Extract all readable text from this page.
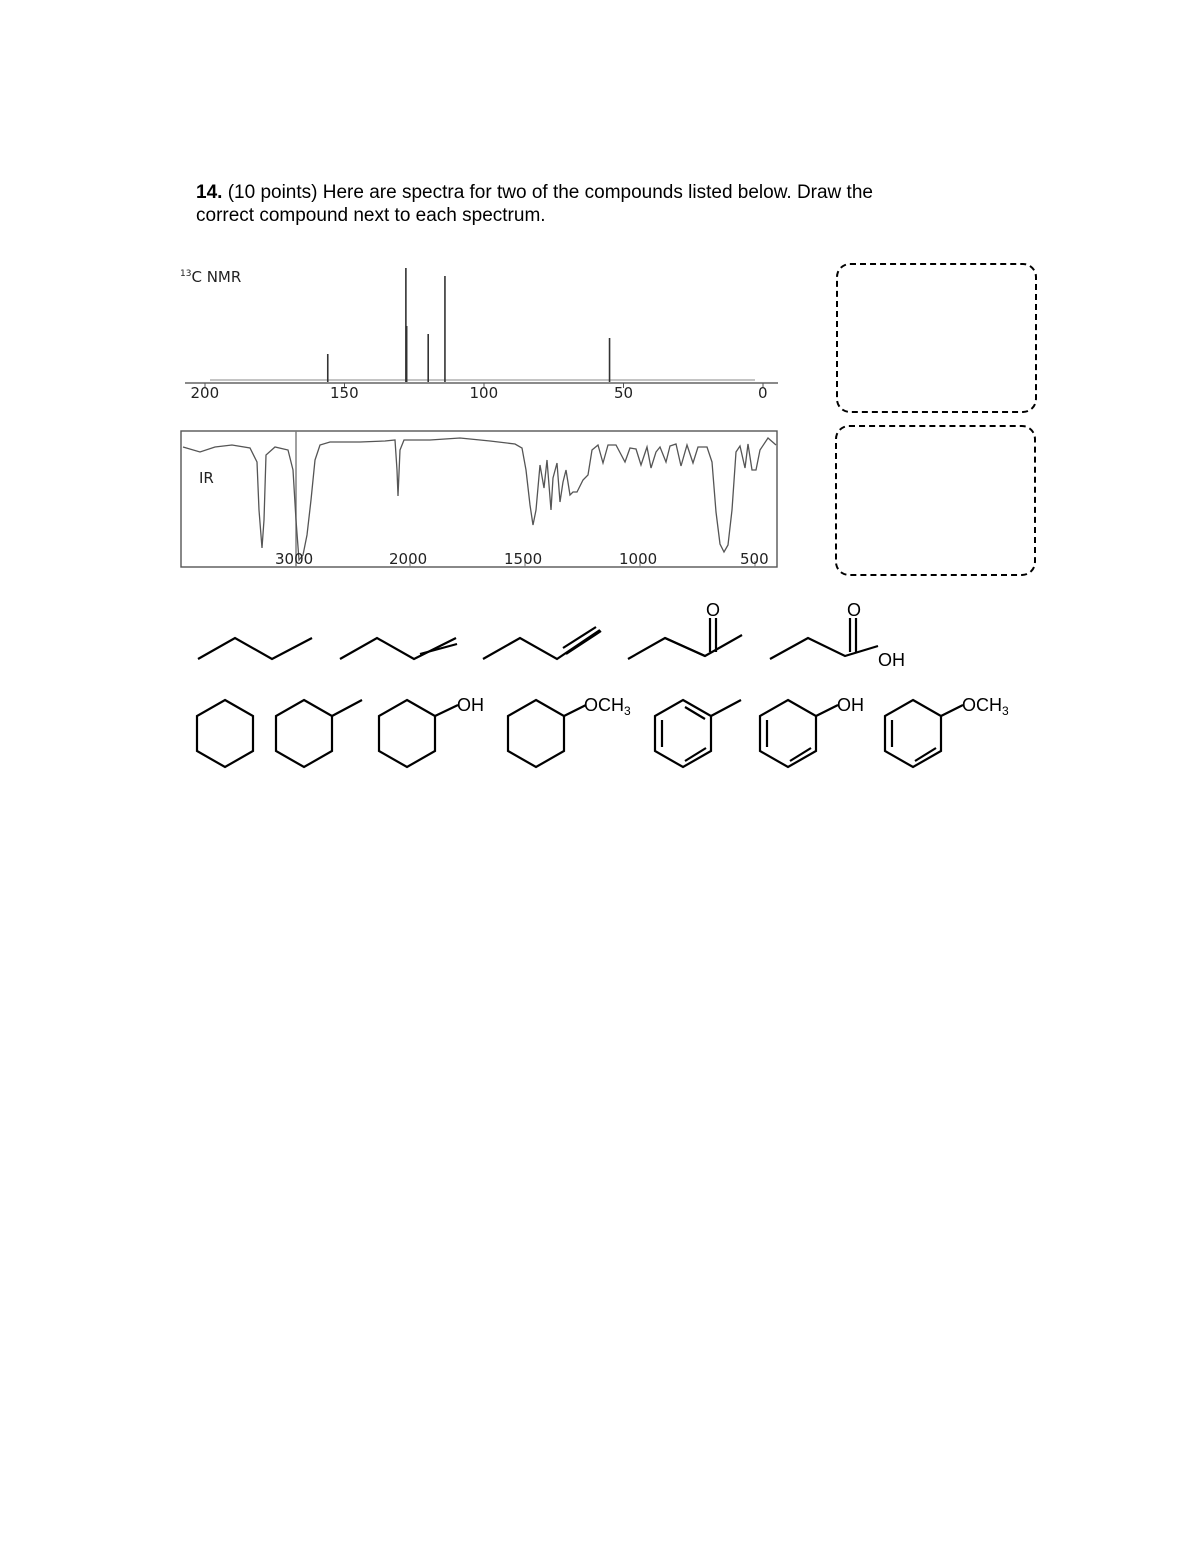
14. (10 points) Here are spectra for two of the compounds listed below. Draw the
correct compound next to each spectrum.
$^{13}$C NMR
200	150	100	50	0
IR
3000	2000	1500	1000	500
O	O
OH
OH	$OCH_3$	OH	$OCH_3$
